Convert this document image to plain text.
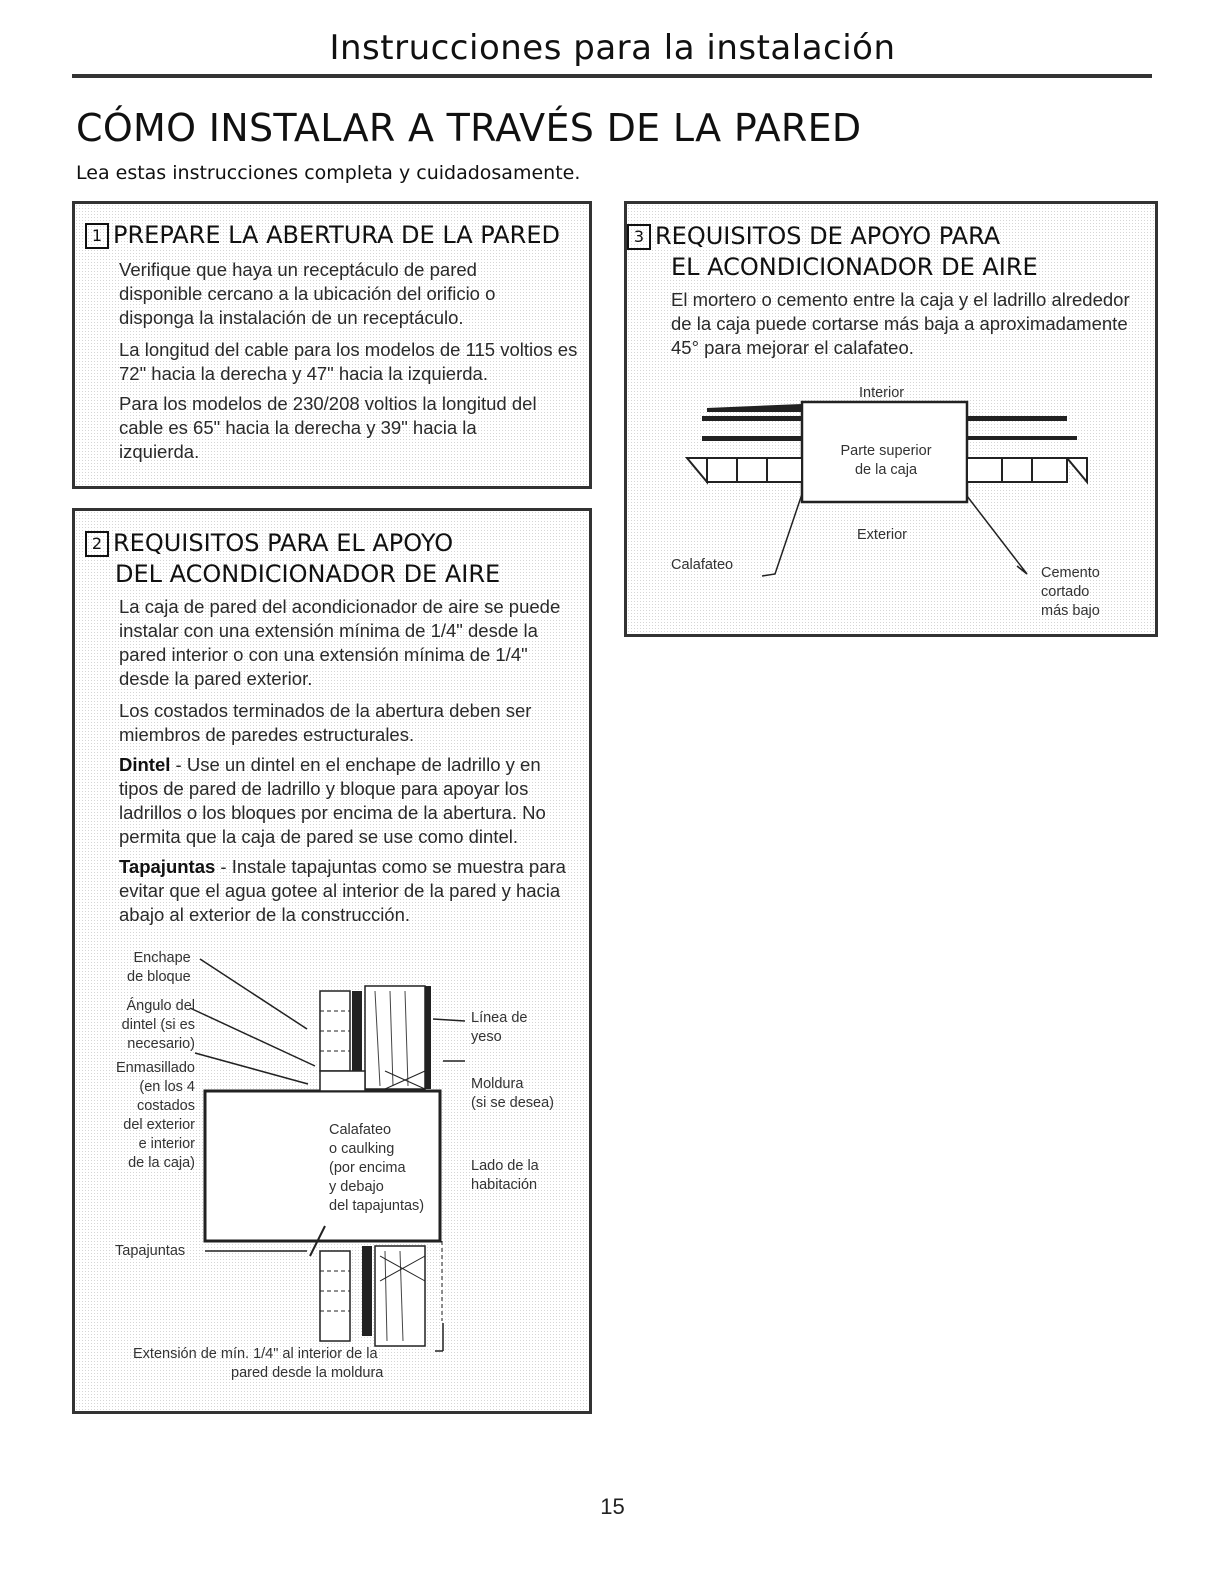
Instrucciones para la instalación
CÓMO INSTALAR A TRAVÉS DE LA PARED
Lea estas instrucciones completa y cuidadosamente.
1 PREPARE LA ABERTURA DE LA PARED
Verifique que haya un receptáculo de pared disponible cercano a la ubicación del orificio o disponga la instalación de un receptáculo.
La longitud del cable para los modelos de 115 voltios es 72" hacia la derecha y 47" hacia la izquierda.
Para los modelos de 230/208 voltios la longitud del cable es 65" hacia la derecha y 39" hacia la izquierda.
2 REQUISITOS PARA EL APOYO
DEL ACONDICIONADOR DE AIRE
La caja de pared del acondicionador de aire se puede instalar con una extensión mínima de 1/4" desde la pared interior o con una extensión mínima de 1/4" desde la pared exterior.
Los costados terminados de la abertura deben ser miembros de paredes estructurales.
Dintel - Use un dintel en el enchape de ladrillo y en tipos de pared de ladrillo y bloque para apoyar los ladrillos o los bloques por encima de la abertura. No permita que la caja de pared se use como dintel.
Tapajuntas - Instale tapajuntas como se muestra para evitar que el agua gotee al interior de la pared y hacia abajo al exterior de la construcción.
Enchape
de bloque
Ángulo del
dintel (si es
necesario)
Enmasillado
(en los 4
costados
del exterior
e interior
de la caja)
Tapajuntas
Calafateo
o caulking
(por encima
y debajo
del tapajuntas)
Línea de
yeso
Moldura
(si se desea)
Lado de la
habitación
Extensión de mín. 1/4" al interior de la
pared desde la moldura
3 REQUISITOS DE APOYO PARA
EL ACONDICIONADOR DE AIRE
El mortero o cemento entre la caja y el ladrillo alrededor de la caja puede cortarse más baja a aproximadamente 45° para mejorar el calafateo.
Interior
Parte superior
de la caja
Exterior
Calafateo	Cemento
cortado
más bajo
15
